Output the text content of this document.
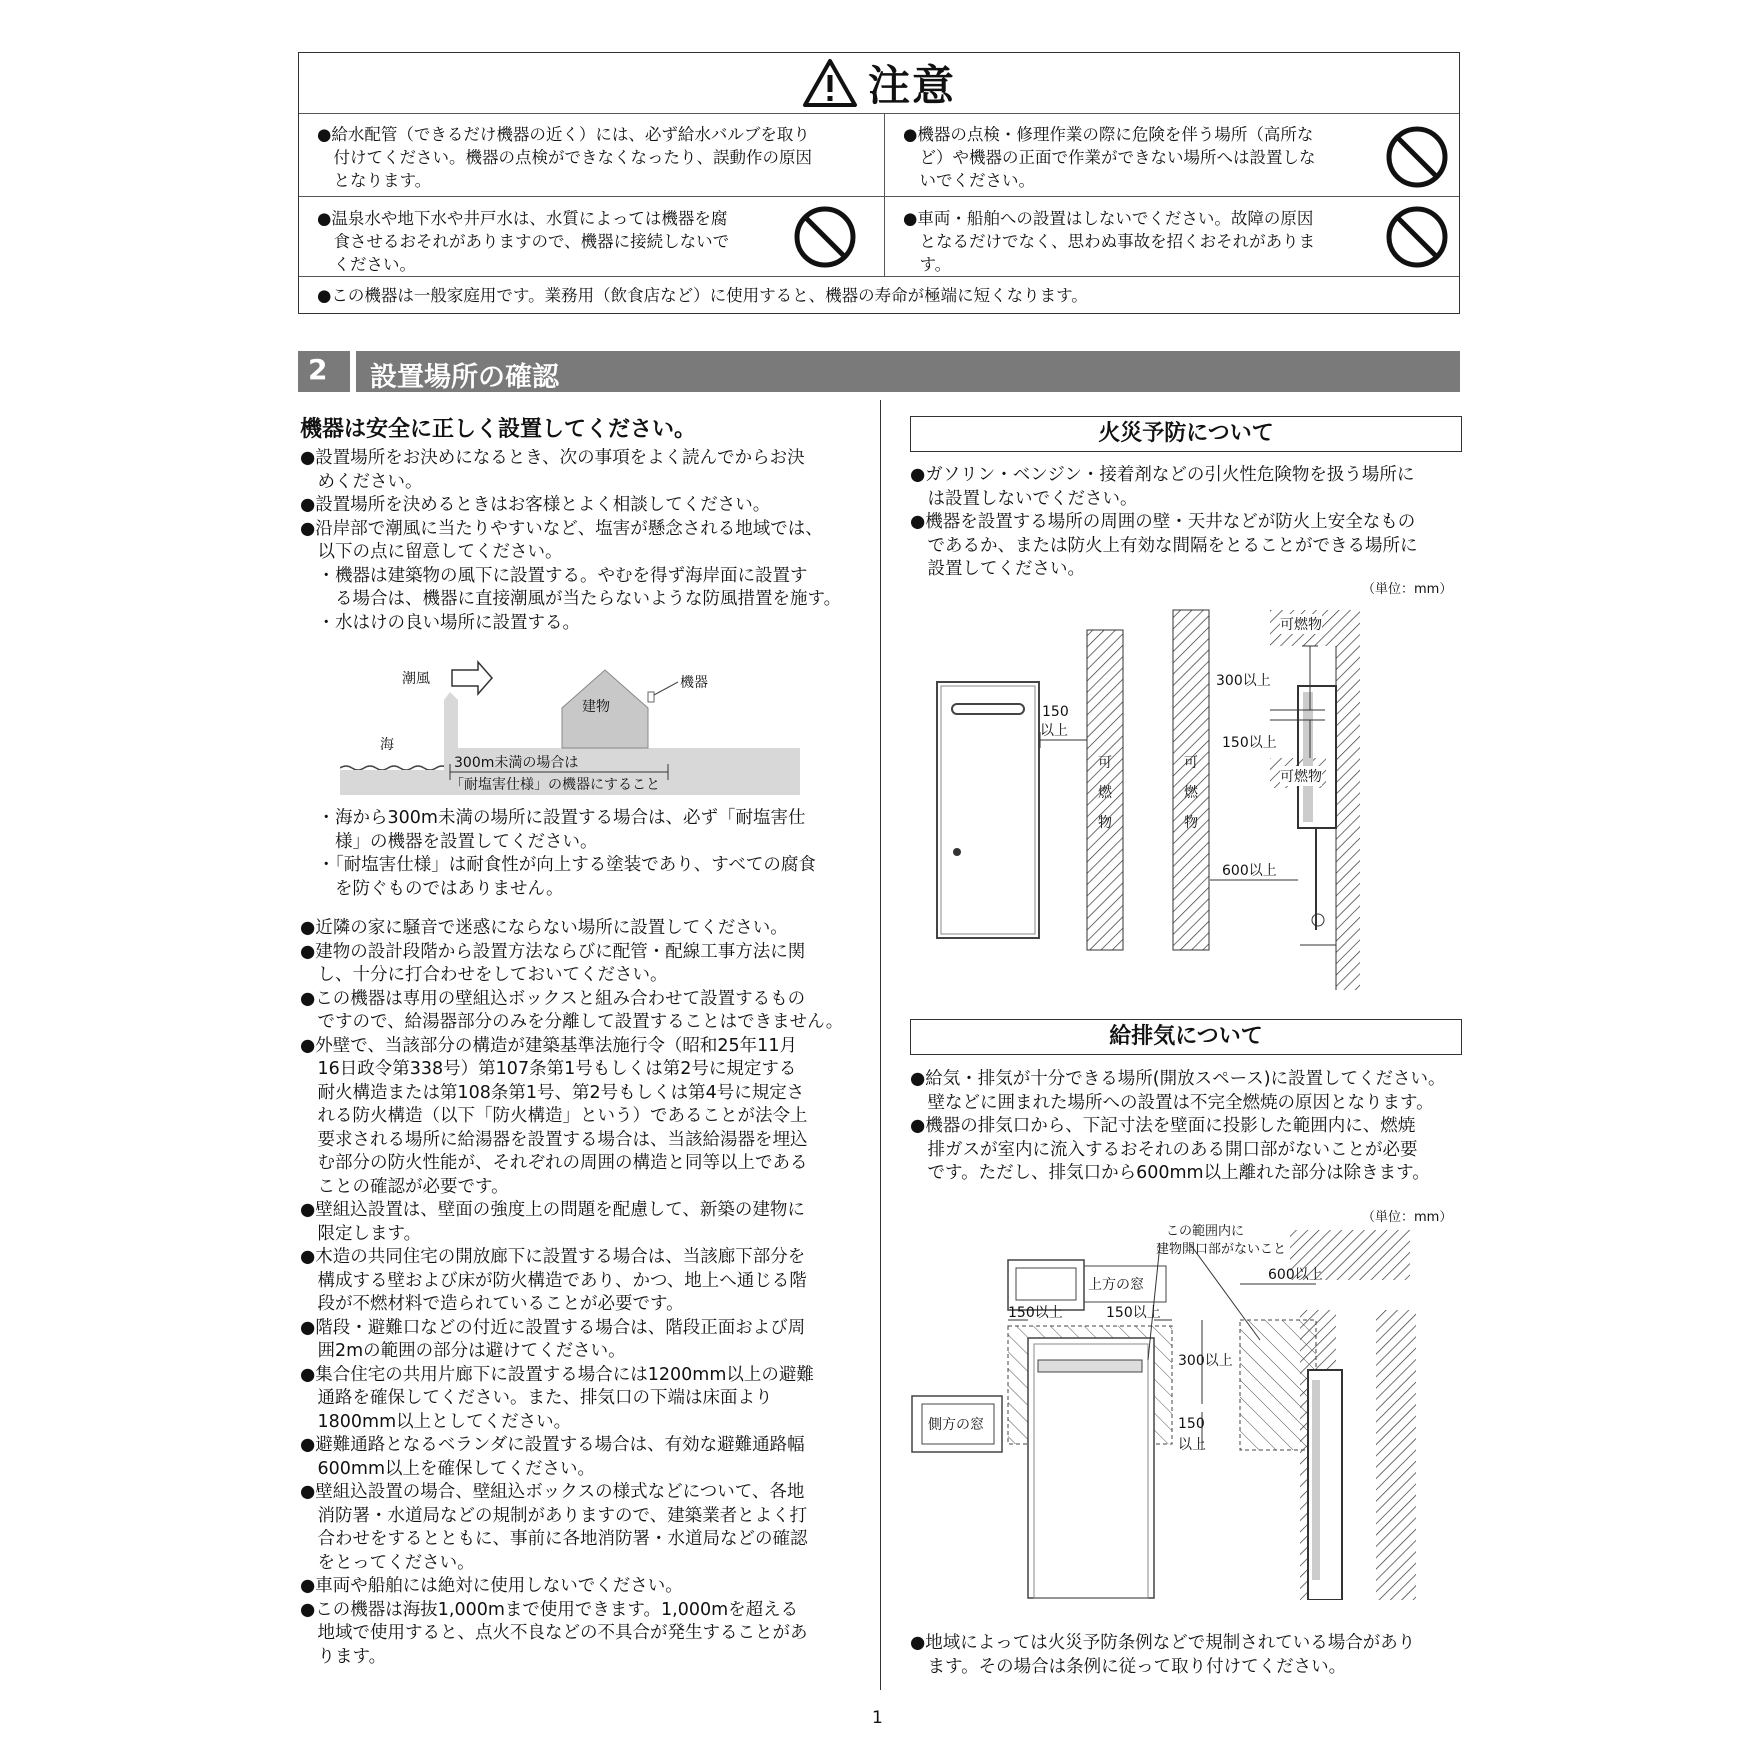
注意
●給水配管（できるだけ機器の近く）には、必ず給水バルブを取り
　付けてください。機器の点検ができなくなったり、誤動作の原因
　となります。
●機器の点検・修理作業の際に危険を伴う場所（高所な
　ど）や機器の正面で作業ができない場所へは設置しな
　いでください。
●温泉水や地下水や井戸水は、水質によっては機器を腐
　食させるおそれがありますので、機器に接続しないで
　ください。
●車両・船舶への設置はしないでください。故障の原因
　となるだけでなく、思わぬ事故を招くおそれがありま
　す。
●この機器は一般家庭用です。業務用（飲食店など）に使用すると、機器の寿命が極端に短くなります。
2 設置場所の確認
機器は安全に正しく設置してください。
●設置場所をお決めになるとき、次の事項をよく読んでからお決
　めください。
●設置場所を決めるときはお客様とよく相談してください。
●沿岸部で潮風に当たりやすいなど、塩害が懸念される地域では、
　以下の点に留意してください。
　・機器は建築物の風下に設置する。やむを得ず海岸面に設置す
　　る場合は、機器に直接潮風が当たらないような防風措置を施す。
　・水はけの良い場所に設置する。
潮風
建物
機器
海
300m未満の場合は
「耐塩害仕様」の機器にすること
　・海から300m未満の場所に設置する場合は、必ず「耐塩害仕
　　様」の機器を設置してください。
　・「耐塩害仕様」は耐食性が向上する塗装であり、すべての腐食
　　を防ぐものではありません。
●近隣の家に騒音で迷惑にならない場所に設置してください。
●建物の設計段階から設置方法ならびに配管・配線工事方法に関
　し、十分に打合わせをしておいてください。
●この機器は専用の壁組込ボックスと組み合わせて設置するもの
　ですので、給湯器部分のみを分離して設置することはできません。
●外壁で、当該部分の構造が建築基準法施行令（昭和25年11月
　16日政令第338号）第107条第1号もしくは第2号に規定する
　耐火構造または第108条第1号、第2号もしくは第4号に規定さ
　れる防火構造（以下「防火構造」という）であることが法令上
　要求される場所に給湯器を設置する場合は、当該給湯器を埋込
　む部分の防火性能が、それぞれの周囲の構造と同等以上である
　ことの確認が必要です。
●壁組込設置は、壁面の強度上の問題を配慮して、新築の建物に
　限定します。
●木造の共同住宅の開放廊下に設置する場合は、当該廊下部分を
　構成する壁および床が防火構造であり、かつ、地上へ通じる階
　段が不燃材料で造られていることが必要です。
●階段・避難口などの付近に設置する場合は、階段正面および周
　囲2mの範囲の部分は避けてください。
●集合住宅の共用片廊下に設置する場合には1200mm以上の避難
　通路を確保してください。また、排気口の下端は床面より
　1800mm以上としてください。
●避難通路となるベランダに設置する場合は、有効な避難通路幅
　600mm以上を確保してください。
●壁組込設置の場合、壁組込ボックスの様式などについて、各地
　消防署・水道局などの規制がありますので、建築業者とよく打
　合わせをするとともに、事前に各地消防署・水道局などの確認
　をとってください。
●車両や船舶には絶対に使用しないでください。
●この機器は海抜1,000mまで使用できます。1,000mを超える
　地域で使用すると、点火不良などの不具合が発生することがあ
　ります。
火災予防について
●ガソリン・ベンジン・接着剤などの引火性危険物を扱う場所に
　は設置しないでください。
●機器を設置する場所の周囲の壁・天井などが防火上安全なもの
　であるか、または防火上有効な間隔をとることができる場所に
　設置してください。
（単位：mm）
150
以上
可燃物
可燃物
可燃物
300以上
150以上
可燃物
600以上
給排気について
●給気・排気が十分できる場所(開放スペース)に設置してください。
　壁などに囲まれた場所への設置は不完全燃焼の原因となります。
●機器の排気口から、下記寸法を壁面に投影した範囲内に、燃焼
　排ガスが室内に流入するおそれのある開口部がないことが必要
　です。ただし、排気口から600mm以上離れた部分は除きます。
（単位：mm）
この範囲内に
建物開口部がないこと
600以上
上方の窓
150以上	150以上
300以上
側方の窓	150
以上
●地域によっては火災予防条例などで規制されている場合があり
　ます。その場合は条例に従って取り付けてください。
1
